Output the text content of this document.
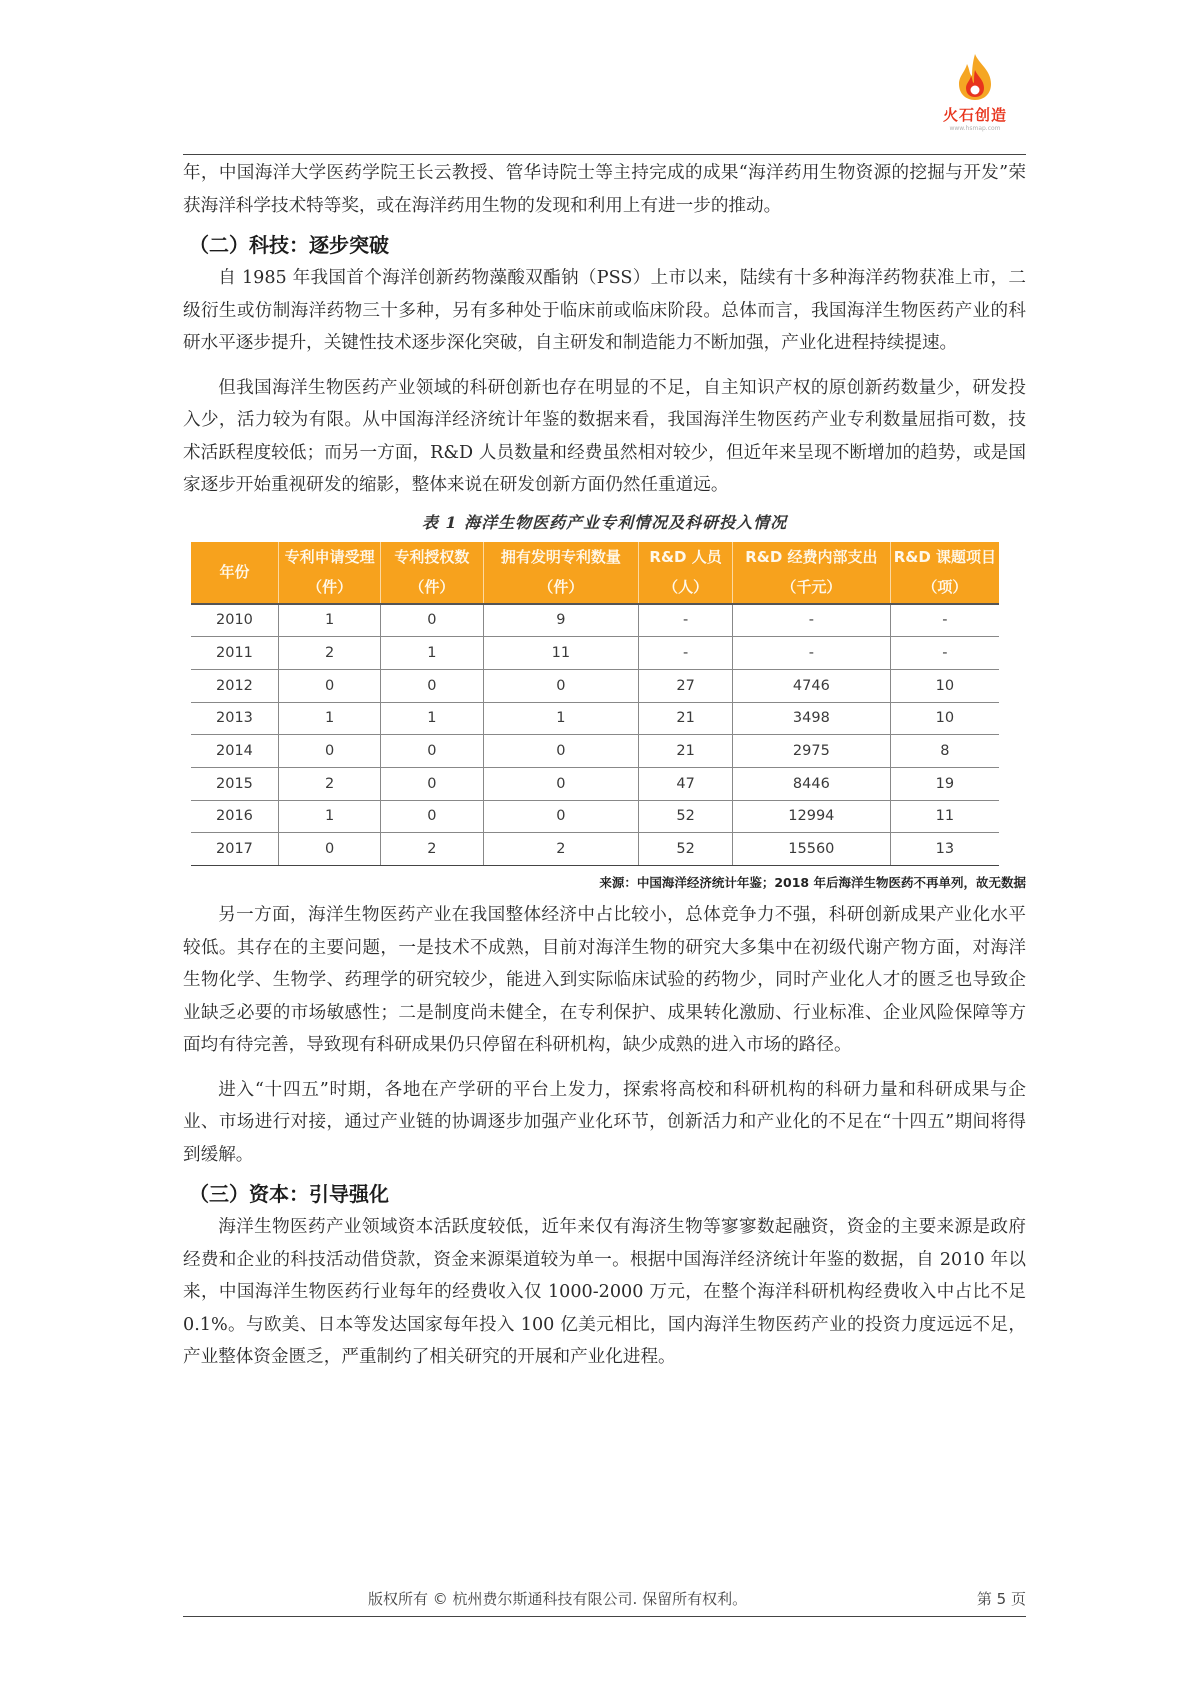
火石创造
www.hsmap.com

年，中国海洋大学医药学院王长云教授、管华诗院士等主持完成的成果“海洋药用生物资源的挖掘与开发”荣获海洋科学技术特等奖，或在海洋药用生物的发现和利用上有进一步的推动。

（二）科技：逐步突破

自 1985 年我国首个海洋创新药物藻酸双酯钠（PSS）上市以来，陆续有十多种海洋药物获准上市，二级衍生或仿制海洋药物三十多种，另有多种处于临床前或临床阶段。总体而言，我国海洋生物医药产业的科研水平逐步提升，关键性技术逐步深化突破，自主研发和制造能力不断加强，产业化进程持续提速。

但我国海洋生物医药产业领域的科研创新也存在明显的不足，自主知识产权的原创新药数量少，研发投入少，活力较为有限。从中国海洋经济统计年鉴的数据来看，我国海洋生物医药产业专利数量屈指可数，技术活跃程度较低；而另一方面，R&D 人员数量和经费虽然相对较少，但近年来呈现不断增加的趋势，或是国家逐步开始重视研发的缩影，整体来说在研发创新方面仍然任重道远。

表 1 海洋生物医药产业专利情况及科研投入情况
年份	专利申请受理（件）	专利授权数（件）	拥有发明专利数量（件）	R&D 人员（人）	R&D 经费内部支出（千元）	R&D 课题项目（项）
2010	1	0	9	-	-	-
2011	2	1	11	-	-	-
2012	0	0	0	27	4746	10
2013	1	1	1	21	3498	10
2014	0	0	0	21	2975	8
2015	2	0	0	47	8446	19
2016	1	0	0	52	12994	11
2017	0	2	2	52	15560	13
来源：中国海洋经济统计年鉴；2018 年后海洋生物医药不再单列，故无数据

另一方面，海洋生物医药产业在我国整体经济中占比较小，总体竞争力不强，科研创新成果产业化水平较低。其存在的主要问题，一是技术不成熟，目前对海洋生物的研究大多集中在初级代谢产物方面，对海洋生物化学、生物学、药理学的研究较少，能进入到实际临床试验的药物少，同时产业化人才的匮乏也导致企业缺乏必要的市场敏感性；二是制度尚未健全，在专利保护、成果转化激励、行业标准、企业风险保障等方面均有待完善，导致现有科研成果仍只停留在科研机构，缺少成熟的进入市场的路径。

进入“十四五”时期，各地在产学研的平台上发力，探索将高校和科研机构的科研力量和科研成果与企业、市场进行对接，通过产业链的协调逐步加强产业化环节，创新活力和产业化的不足在“十四五”期间将得到缓解。

（三）资本：引导强化

海洋生物医药产业领域资本活跃度较低，近年来仅有海济生物等寥寥数起融资，资金的主要来源是政府经费和企业的科技活动借贷款，资金来源渠道较为单一。根据中国海洋经济统计年鉴的数据，自 2010 年以来，中国海洋生物医药行业每年的经费收入仅 1000-2000 万元，在整个海洋科研机构经费收入中占比不足 0.1%。与欧美、日本等发达国家每年投入 100 亿美元相比，国内海洋生物医药产业的投资力度远远不足，产业整体资金匮乏，严重制约了相关研究的开展和产业化进程。

版权所有 © 杭州费尔斯通科技有限公司. 保留所有权利。	第 5 页
